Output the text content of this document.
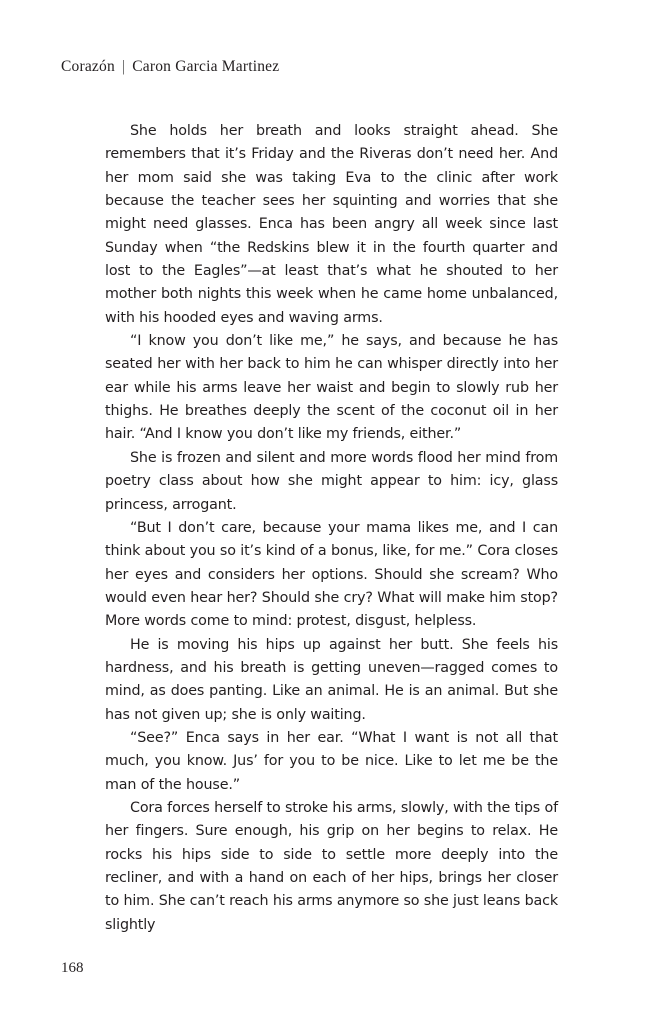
Corazón | Caron Garcia Martinez

She holds her breath and looks straight ahead. She remembers that it’s Friday and the Riveras don’t need her. And her mom said she was taking Eva to the clinic after work because the teacher sees her squinting and worries that she might need glasses. Enca has been angry all week since last Sunday when “the Redskins blew it in the fourth quarter and lost to the Eagles”—at least that’s what he shouted to her mother both nights this week when he came home unbalanced, with his hooded eyes and waving arms.

“I know you don’t like me,” he says, and because he has seated her with her back to him he can whisper directly into her ear while his arms leave her waist and begin to slowly rub her thighs. He breathes deeply the scent of the coconut oil in her hair. “And I know you don’t like my friends, either.”

She is frozen and silent and more words flood her mind from poetry class about how she might appear to him: icy, glass princess, arrogant.

“But I don’t care, because your mama likes me, and I can think about you so it’s kind of a bonus, like, for me.” Cora closes her eyes and considers her options. Should she scream? Who would even hear her? Should she cry? What will make him stop? More words come to mind: protest, disgust, helpless.

He is moving his hips up against her butt. She feels his hardness, and his breath is getting uneven—ragged comes to mind, as does panting. Like an animal. He is an animal. But she has not given up; she is only waiting.

“See?” Enca says in her ear. “What I want is not all that much, you know. Jus’ for you to be nice. Like to let me be the man of the house.”

Cora forces herself to stroke his arms, slowly, with the tips of her fingers. Sure enough, his grip on her begins to relax. He rocks his hips side to side to settle more deeply into the recliner, and with a hand on each of her hips, brings her closer to him. She can’t reach his arms anymore so she just leans back slightly

168
